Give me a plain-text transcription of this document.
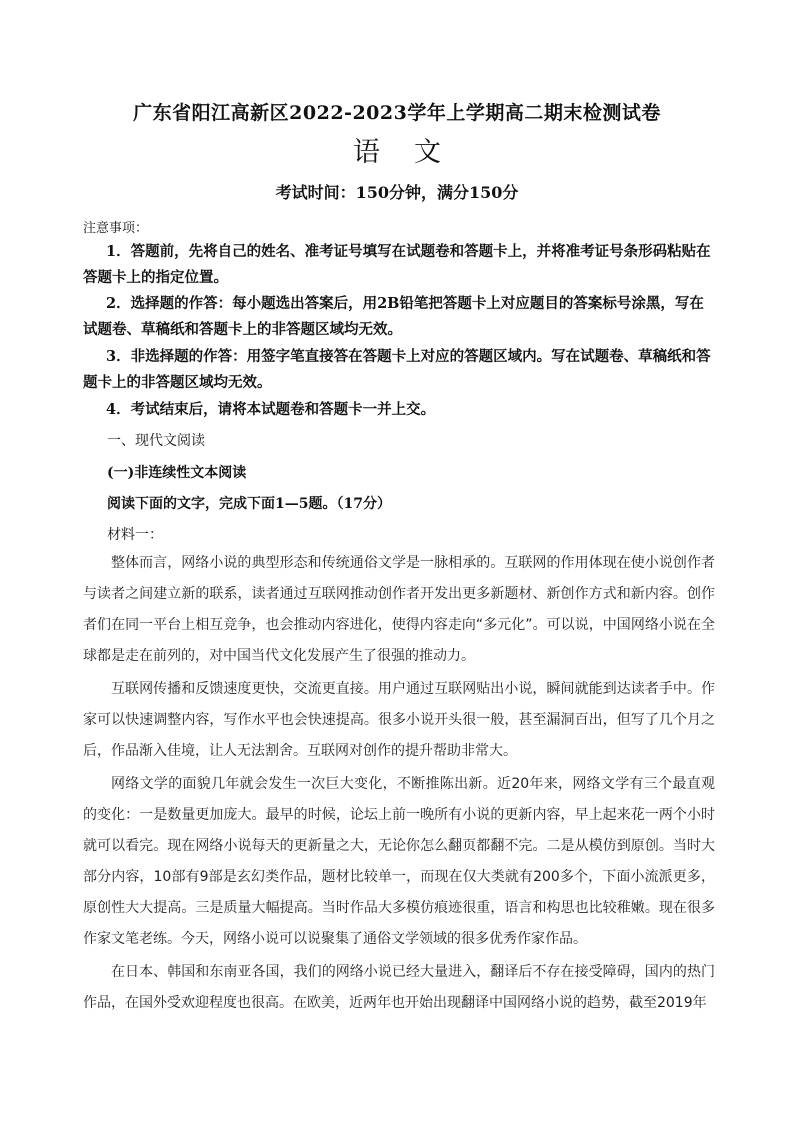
广东省阳江高新区2022-2023学年上学期高二期末检测试卷
语文
考试时间：150分钟，满分150分
注意事项：
1．答题前，先将自己的姓名、准考证号填写在试题卷和答题卡上，并将准考证号条形码粘贴在答题卡上的指定位置。
2．选择题的作答：每小题选出答案后，用2B铅笔把答题卡上对应题目的答案标号涂黑，写在试题卷、草稿纸和答题卡上的非答题区域均无效。
3．非选择题的作答：用签字笔直接答在答题卡上对应的答题区域内。写在试题卷、草稿纸和答题卡上的非答题区域均无效。
4．考试结束后，请将本试题卷和答题卡一并上交。
一、现代文阅读
(一)非连续性文本阅读
阅读下面的文字，完成下面1—5题。（17分）
材料一：

整体而言，网络小说的典型形态和传统通俗文学是一脉相承的。互联网的作用体现在使小说创作者与读者之间建立新的联系，读者通过互联网推动创作者开发出更多新题材、新创作方式和新内容。创作者们在同一平台上相互竞争，也会推动内容进化，使得内容走向“多元化”。可以说，中国网络小说在全球都是走在前列的，对中国当代文化发展产生了很强的推动力。

互联网传播和反馈速度更快，交流更直接。用户通过互联网贴出小说，瞬间就能到达读者手中。作家可以快速调整内容，写作水平也会快速提高。很多小说开头很一般，甚至漏洞百出，但写了几个月之后，作品渐入佳境，让人无法割舍。互联网对创作的提升帮助非常大。

网络文学的面貌几年就会发生一次巨大变化，不断推陈出新。近20年来，网络文学有三个最直观的变化：一是数量更加庞大。最早的时候，论坛上前一晚所有小说的更新内容，早上起来花一两个小时就可以看完。现在网络小说每天的更新量之大，无论你怎么翻页都翻不完。二是从模仿到原创。当时大部分内容，10部有9部是玄幻类作品，题材比较单一，而现在仅大类就有200多个，下面小流派更多，原创性大大提高。三是质量大幅提高。当时作品大多模仿痕迹很重，语言和构思也比较稚嫩。现在很多作家文笔老练。今天，网络小说可以说聚集了通俗文学领域的很多优秀作家作品。

在日本、韩国和东南亚各国，我们的网络小说已经大量进入，翻译后不存在接受障碍，国内的热门作品，在国外受欢迎程度也很高。在欧美，近两年也开始出现翻译中国网络小说的趋势，截至2019年
